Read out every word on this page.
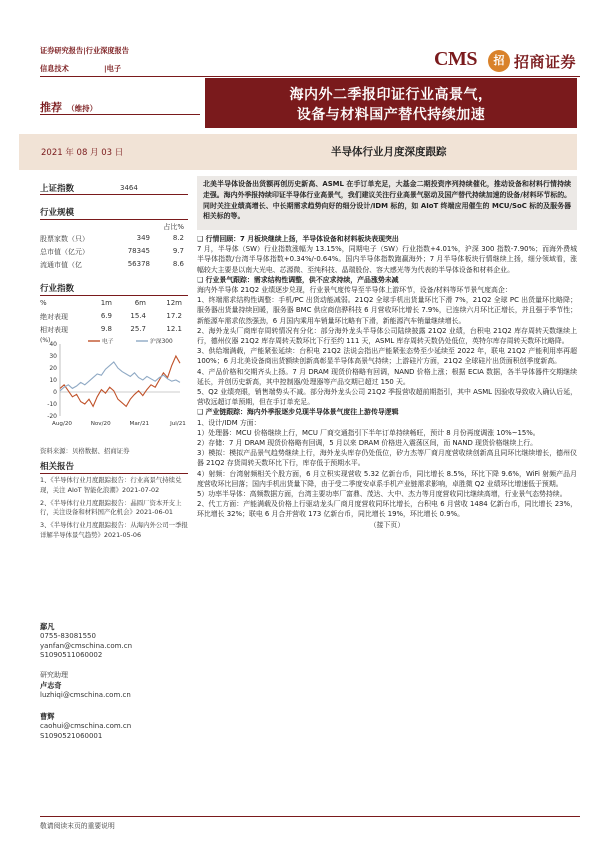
证券研究报告|行业深度报告
信息技术	|电子	CMS	招 招商证券
推荐 （维持）
海内外二季报印证行业高景气，
设备与材料国产替代持续加速
2021 年 08 月 03 日	半导体行业月度深度跟踪
上证指数	3464
行业规模
占比%
股票家数（只）	349	8.2
总市值（亿元）	78345	9.7
流通市值（亿	56378	8.6
行业指数
%	1m	6m	12m
绝对表现	6.9	15.4	17.2
相对表现	9.8	25.7	12.1
(%)
40
30
20
10
0
-10
-20
Aug/20	Nov/20	Mar/21	Jul/21
电子	沪深300
资料来源：贝格数据、招商证券
相关报告
1、《半导体行业月度跟踪报告：行业高景气持续兑现，关注 AIoT 智能化浪潮》2021-07-02
2、《半导体行业月度跟踪报告：晶圆厂资本开支上行，关注设备和材料国产化机会》2021-06-01
3、《半导体行业月度跟踪报告：从海内外公司一季报详解半导体景气趋势》2021-05-06
鄢凡
0755-83081550
yanfan@cmschina.com.cn
S1090511060002
研究助理
卢志奇
luzhiqi@cmschina.com.cn
曹辉
caohui@cmschina.com.cn
S1090521060001
北美半导体设备出货额再创历史新高、ASML 在手订单充足，大基金二期投资序列持续催化，推动设备和材料行情持续走强。海内外季报持续印证半导体行业高景气，我们建议关注行业高景气驱动及国产替代持续加速的设备/材料环节标的。同时关注业绩高增长、中长期需求趋势向好的细分设计/IDM 标的，如 AIoT 终端应用催生的 MCU/SoC 标的及服务器相关标的等。
❑ 行情回顾：7 月板块继续上扬，半导体设备和材料板块表现突出
7 月，半导体（SW）行业指数涨幅为 13.15%，同期电子（SW）行业指数+4.01%，沪深 300 指数-7.90%；而海外费城半导体指数/台湾半导体指数+0.34%/-0.64%。国内半导体指数跑赢海外；7 月半导体板块行情继续上扬，细分领域看，涨幅较大主要是以南大光电、芯源微、至纯科技、晶瑞股份、容大感光等为代表的半导体设备和材料企业。
❑ 行业景气跟踪：需求结构性调整，供不应求持续，产品涨势未减
海内外半导体 21Q2 业绩逐步兑现，行业景气度传导至半导体上游环节，设备/材料等环节景气度高企：
1、终端需求结构性调整：手机/PC 出货动能减弱。21Q2 全球手机出货量环比下滑 7%，21Q2 全球 PC 出货量环比略降；服务器出货量持续回暖，服务器 BMC 供应商信骅科技 6 月营收环比增长 7.9%，已连续六月环比正增长，并且强于季节性；新能源车需求依然强劲，6 月国内乘用车销量环比略有下滑，新能源汽车销量继续增长。
2、海外龙头厂商库存周转情况有分化：部分海外龙头半导体公司陆续披露 21Q2 业绩，台积电 21Q2 库存周转天数继续上行，德州仪器 21Q2 库存周转天数环比下行至约 111 天，ASML 库存周转天数仍处低位，英特尔库存周转天数环比略降。
3、供给端满载，产能紧张延续：台积电 21Q2 法说会指出产能紧张态势至少延续至 2022 年，联电 21Q2 产能利用率再超 100%；6 月北美设备商出货额续创新高彰显半导体高景气持续；上游硅片方面，21Q2 全球硅片出货面积创季度新高。
4、产品价格和交期齐头上扬。7 月 DRAM 现货价格略有回调，NAND 价格上涨；根据 ECIA 数据，各半导体器件交期继续延长，并创历史新高，其中控制器/处理器等产品交期已超过 150 天。
5、Q2 业绩亮眼，销售端势头不减。部分海外龙头公司 21Q2 季报营收超前期指引，其中 ASML 因验收导致收入确认后延，营收远超订单预期，但在手订单充足。
❑ 产业链跟踪：海内外季报逐步兑现半导体景气度往上游传导逻辑
1、设计/IDM 方面：
1）处理器：MCU 价格继续上行，MCU 厂商交通指引下半年订单持续畅旺，预计 8 月份再度调涨 10%~15%。
2）存储：7 月 DRAM 现货价格略有回调，5 月以来 DRAM 价格进入震荡区间，而 NAND 现货价格继续上行。
3）模拟：模拟产品景气趋势继续上行，海外龙头库存仍处低位，矽力杰等厂商月度营收续创新高且同环比继续增长，德州仪器 21Q2 存货周转天数环比下行，库存低于预期水平。
4）射频：台湾射频相关个股方面，6 月立积实现营收 5.32 亿新台币，同比增长 8.5%，环比下降 9.6%，WiFi 射频产品月度营收环比回落；国内手机出货量下降，由于受二季度安卓系手机产业链需求影响，卓胜微 Q2 业绩环比增速低于预期。
5）功率半导体：高频数据方面，台湾主要功率厂富鼎、茂达、大中、杰力等月度营收同比继续高增，行业景气态势持续。
2、代工方面：产能满载及价格上行驱动龙头厂商月度营收同环比增长，台积电 6 月营收 1484 亿新台币，同比增长 23%，环比增长 32%；联电 6 月合并营收 173 亿新台币，同比增长 19%，环比增长 0.9%。
（接下页）
敬请阅读末页的重要说明
